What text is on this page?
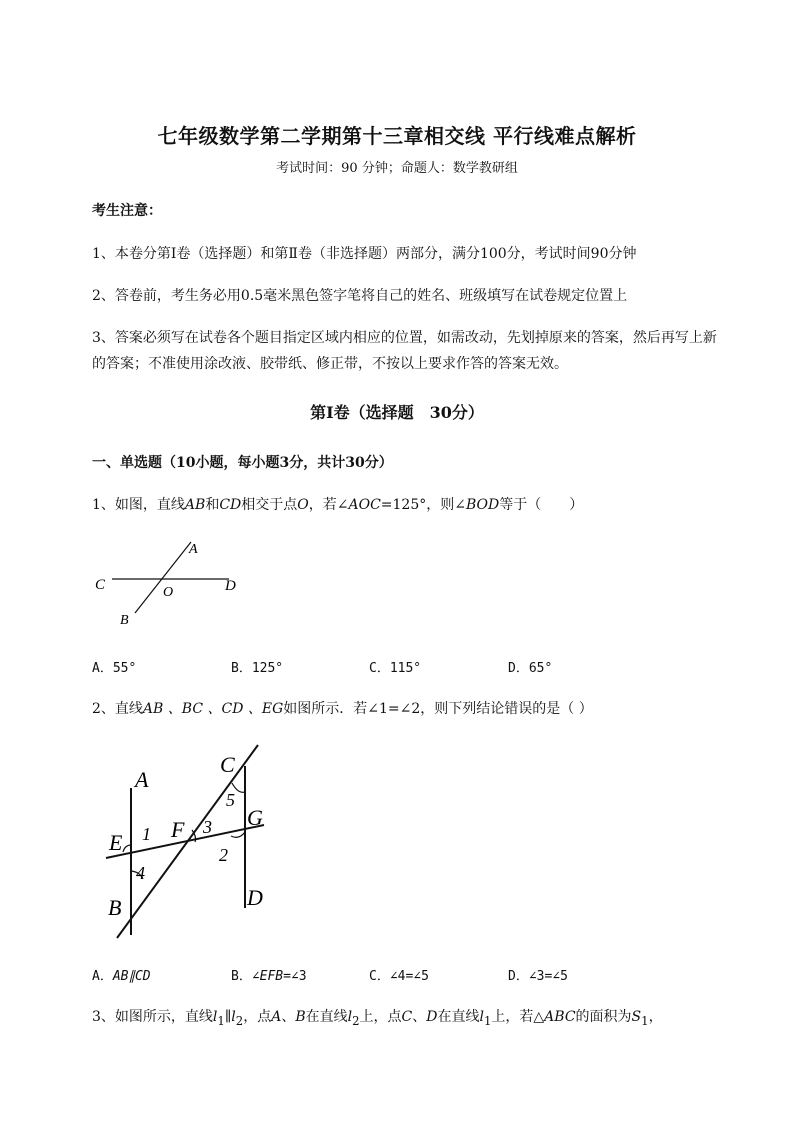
七年级数学第二学期第十三章相交线 平行线难点解析
考试时间：90 分钟；命题人：数学教研组
考生注意：
1、本卷分第Ⅰ卷（选择题）和第Ⅱ卷（非选择题）两部分，满分100分，考试时间90分钟
2、答卷前，考生务必用0.5毫米黑色签字笔将自己的姓名、班级填写在试卷规定位置上
3、答案必须写在试卷各个题目指定区域内相应的位置，如需改动，先划掉原来的答案，然后再写上新
的答案；不准使用涂改液、胶带纸、修正带，不按以上要求作答的答案无效。
第Ⅰ卷（选择题　30分）
一、单选题（10小题，每小题3分，共计30分）
1、如图，直线AB和CD相交于点O，若∠AOC=125°，则∠BOD等于（　　）
A
C	O	D
B
A．55°	B．125°	C．115°	D．65°
2、直线AB 、BC 、CD 、EG如图所示．若∠1=∠2，则下列结论错误的是（ ）
A
C
5
G
F 3
E 1
2
4
D
B
A．AB∥CD	B．∠EFB=∠3	C．∠4=∠5	D．∠3=∠5
3、如图所示，直线$l_1\parallel l_2$，点A、B在直线$l_2$上，点C、D在直线$l_1$上，若△ABC的面积为$S_1$，
